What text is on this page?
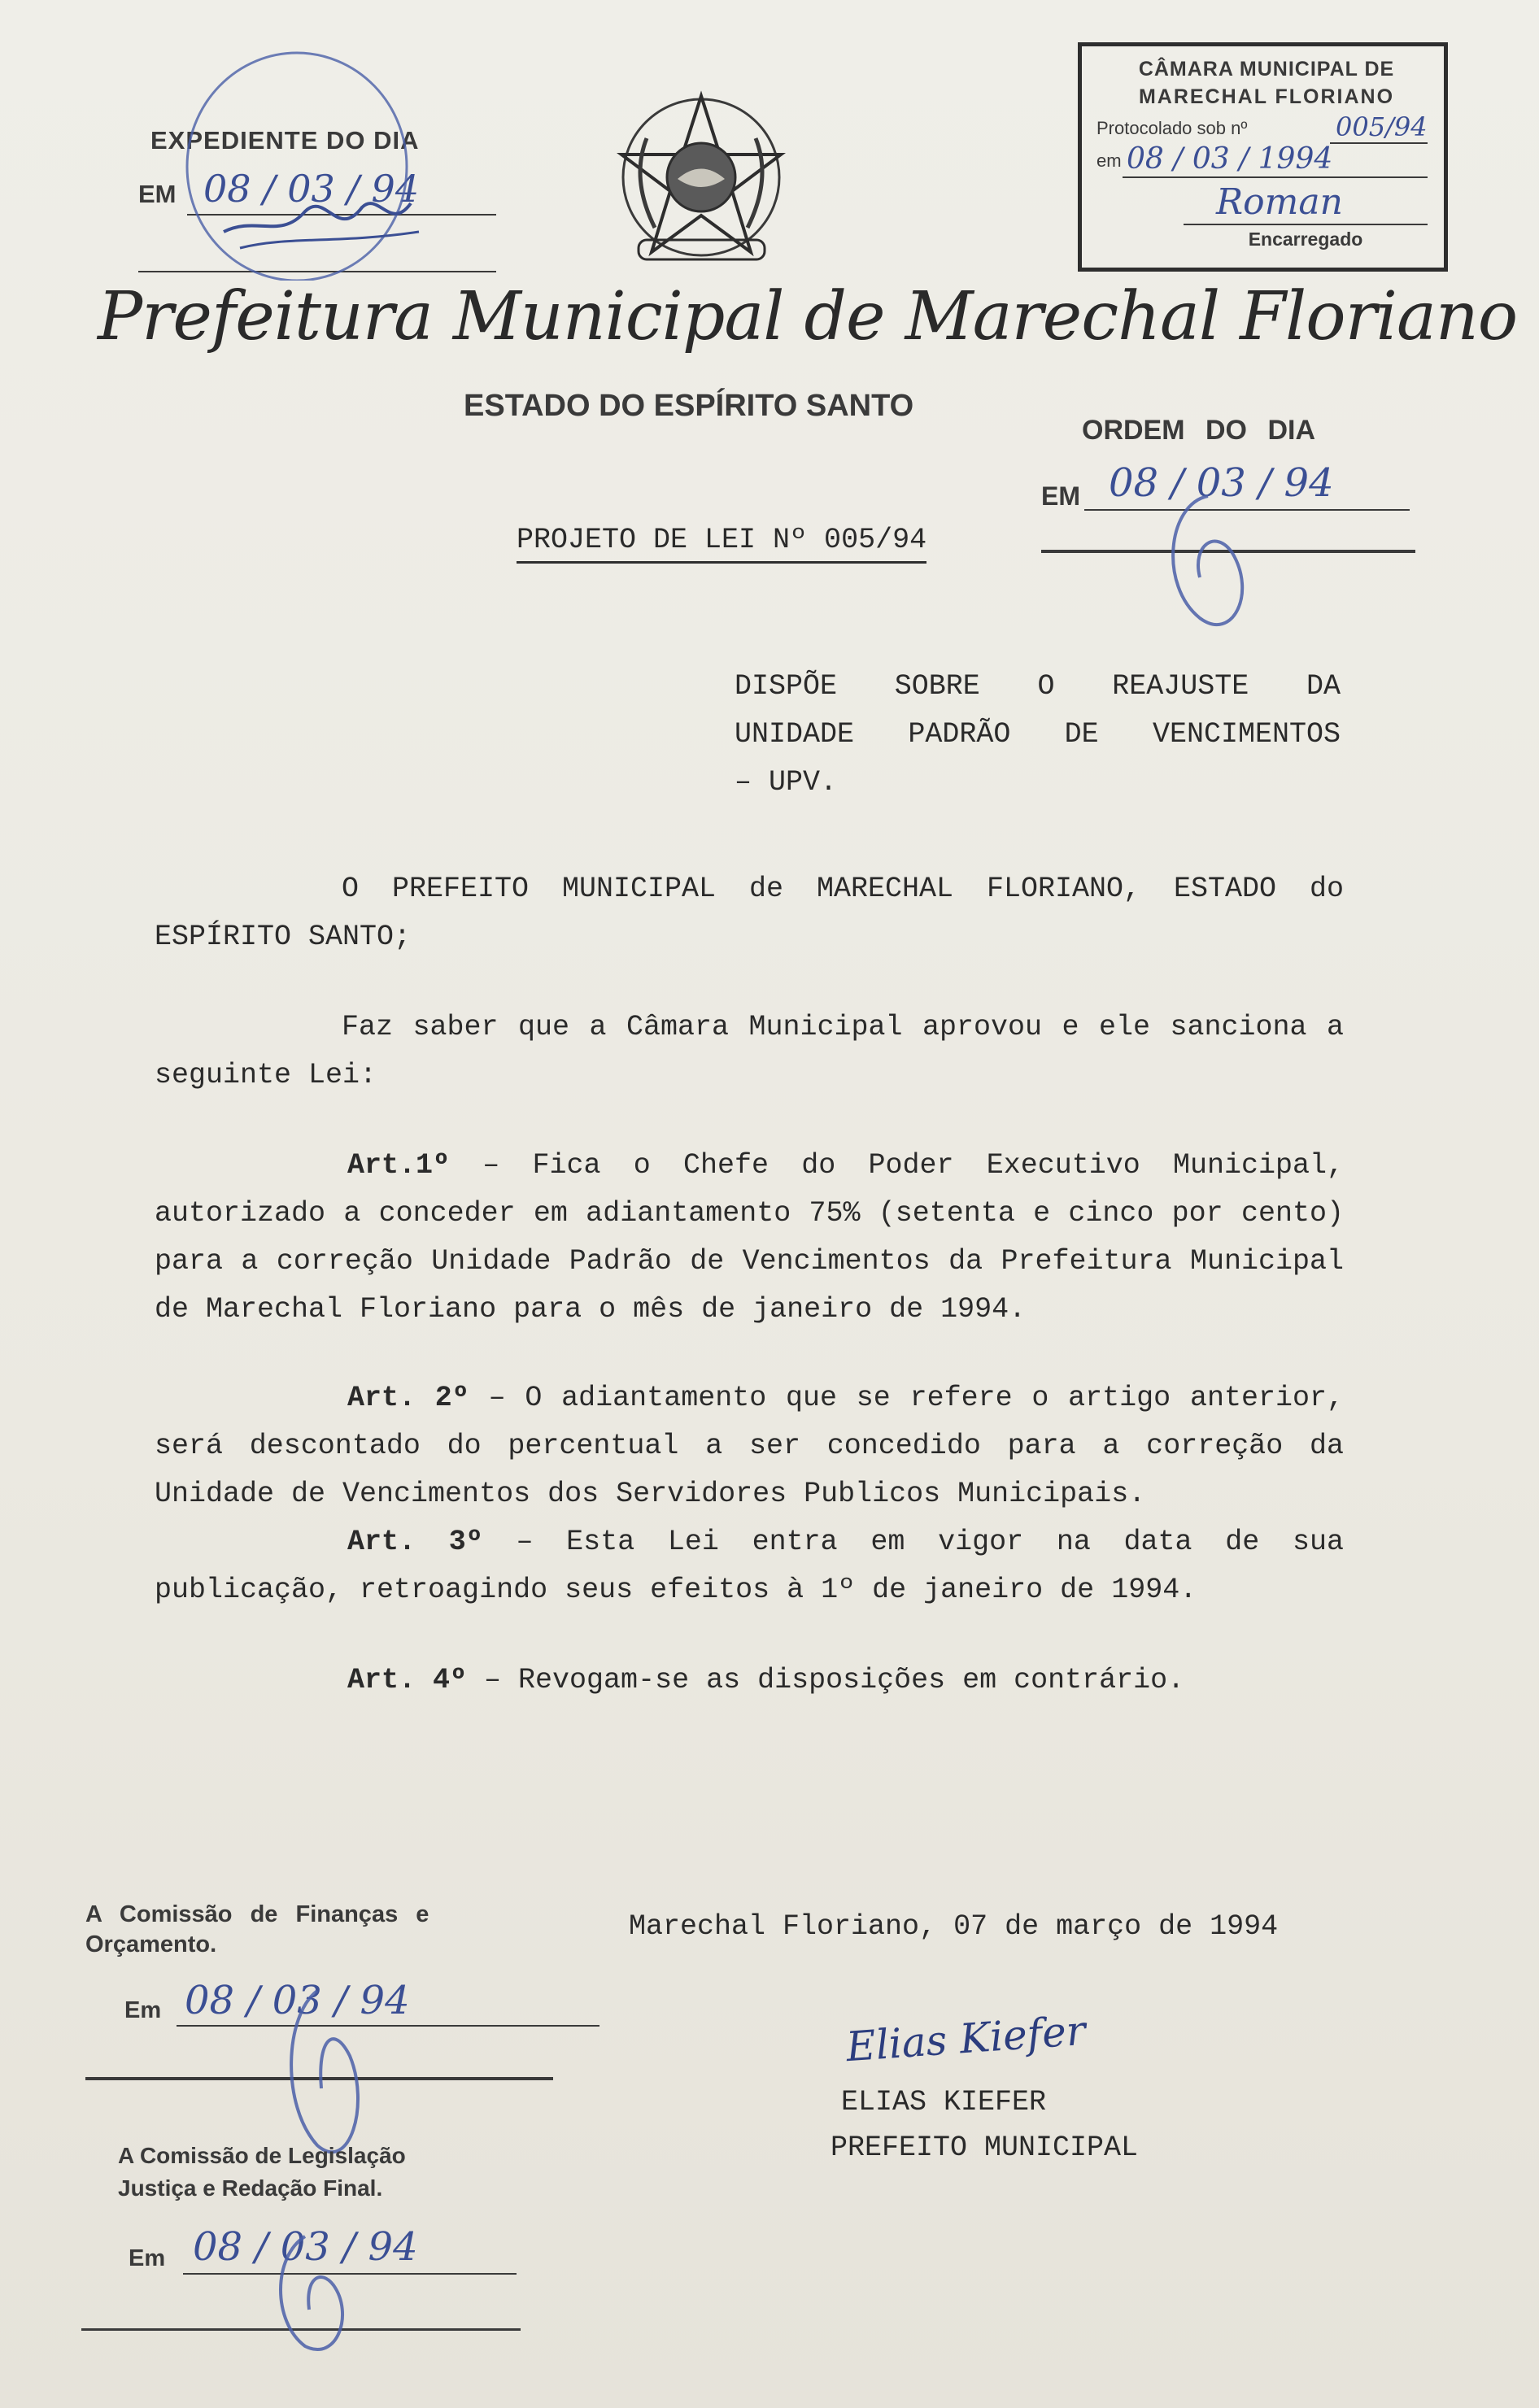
EXPEDIENTE DO DIA
EM 08 / 03 / 94
CÂMARA MUNICIPAL DE
MARECHAL FLORIANO
Protocolado sob nº	005/94
em 08 / 03 / 1994
Roman
Encarregado
Prefeitura Municipal de Marechal Floriano
ESTADO DO ESPÍRITO SANTO
ORDEM DO DIA
EM 08 / 03 / 94
PROJETO DE LEI Nº 005/94
DISPÕE SOBRE O REAJUSTE DA
UNIDADE PADRÃO DE VENCIMENTOS
– UPV.

O PREFEITO MUNICIPAL de MARECHAL FLORIANO, ESTADO do ESPÍRITO SANTO;

Faz saber que a Câmara Municipal aprovou e ele sanciona a seguinte Lei:

Art.1º – Fica o Chefe do Poder Executivo Municipal, autorizado a conceder em adiantamento 75% (setenta e cinco por cento) para a correção Unidade Padrão de Vencimentos da Prefeitura Municipal de Marechal Floriano para o mês de janeiro de 1994.

Art. 2º – O adiantamento que se refere o artigo anterior, será descontado do percentual a ser concedido para a correção da Unidade de Vencimentos dos Servidores Publicos Municipais.

Art. 3º – Esta Lei entra em vigor na data de sua publicação, retroagindo seus efeitos à 1º de janeiro de 1994.

Art. 4º – Revogam-se as disposições em contrário.

Marechal Floriano, 07 de março de 1994
Elias Kiefer
ELIAS KIEFER
PREFEITO MUNICIPAL
A Comissão de Finanças e
Orçamento.
Em 08 / 03 / 94
A Comissão de Legislação
Justiça e Redação Final.
Em 08 / 03 / 94
